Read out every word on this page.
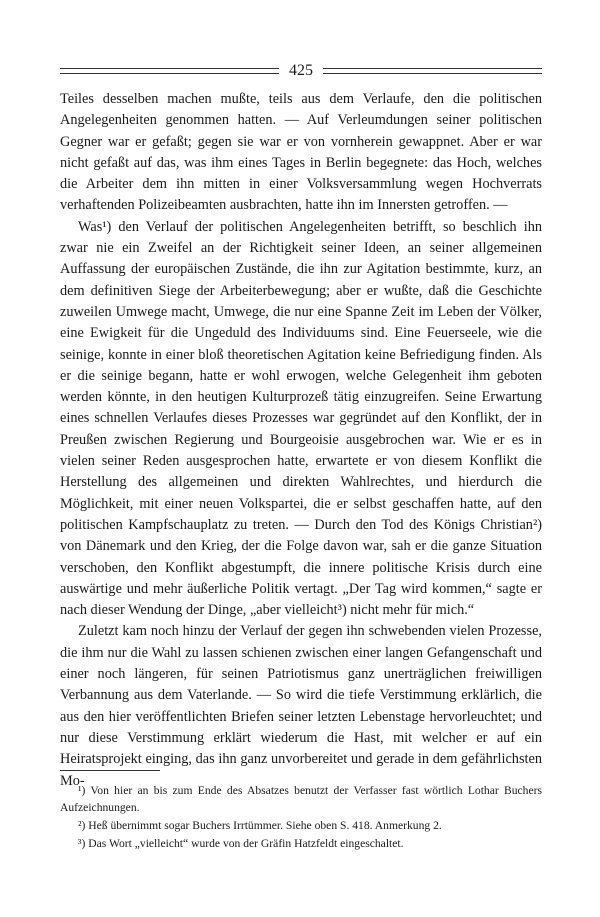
425

Teiles desselben machen mußte, teils aus dem Verlaufe, den die politischen Angelegenheiten genommen hatten. — Auf Verleumdungen seiner politischen Gegner war er gefaßt; gegen sie war er von vornherein gewappnet. Aber er war nicht gefaßt auf das, was ihm eines Tages in Berlin begegnete: das Hoch, welches die Arbeiter dem ihn mitten in einer Volksversammlung wegen Hochverrats verhaftenden Polizeibeamten ausbrachten, hatte ihn im Innersten getroffen. —

Was¹) den Verlauf der politischen Angelegenheiten betrifft, so beschlich ihn zwar nie ein Zweifel an der Richtigkeit seiner Ideen, an seiner allgemeinen Auffassung der europäischen Zustände, die ihn zur Agitation bestimmte, kurz, an dem definitiven Siege der Arbeiterbewegung; aber er wußte, daß die Geschichte zuweilen Umwege macht, Umwege, die nur eine Spanne Zeit im Leben der Völker, eine Ewigkeit für die Ungeduld des Individuums sind. Eine Feuerseele, wie die seinige, konnte in einer bloß theoretischen Agitation keine Befriedigung finden. Als er die seinige begann, hatte er wohl erwogen, welche Gelegenheit ihm geboten werden könnte, in den heutigen Kulturprozeß tätig einzugreifen. Seine Erwartung eines schnellen Verlaufes dieses Prozesses war gegründet auf den Konflikt, der in Preußen zwischen Regierung und Bourgeoisie ausgebrochen war. Wie er es in vielen seiner Reden ausgesprochen hatte, erwartete er von diesem Konflikt die Herstellung des allgemeinen und direkten Wahlrechtes, und hierdurch die Möglichkeit, mit einer neuen Volkspartei, die er selbst geschaffen hatte, auf den politischen Kampfschauplatz zu treten. — Durch den Tod des Königs Christian²) von Dänemark und den Krieg, der die Folge davon war, sah er die ganze Situation verschoben, den Konflikt abgestumpft, die innere politische Krisis durch eine auswärtige und mehr äußerliche Politik vertagt. „Der Tag wird kommen,“ sagte er nach dieser Wendung der Dinge, „aber vielleicht³) nicht mehr für mich.“

Zuletzt kam noch hinzu der Verlauf der gegen ihn schwebenden vielen Prozesse, die ihm nur die Wahl zu lassen schienen zwischen einer langen Gefangenschaft und einer noch längeren, für seinen Patriotismus ganz unerträglichen freiwilligen Verbannung aus dem Vaterlande. — So wird die tiefe Verstimmung erklärlich, die aus den hier veröffentlichten Briefen seiner letzten Lebenstage hervorleuchtet; und nur diese Verstimmung erklärt wiederum die Hast, mit welcher er auf ein Heiratsprojekt einging, das ihn ganz unvorbereitet und gerade in dem gefährlichsten Mo-

¹) Von hier an bis zum Ende des Absatzes benutzt der Verfasser fast wörtlich Lothar Buchers Aufzeichnungen.

²) Heß übernimmt sogar Buchers Irrtümmer. Siehe oben S. 418. Anmerkung 2.

³) Das Wort „vielleicht“ wurde von der Gräfin Hatzfeldt eingeschaltet.
